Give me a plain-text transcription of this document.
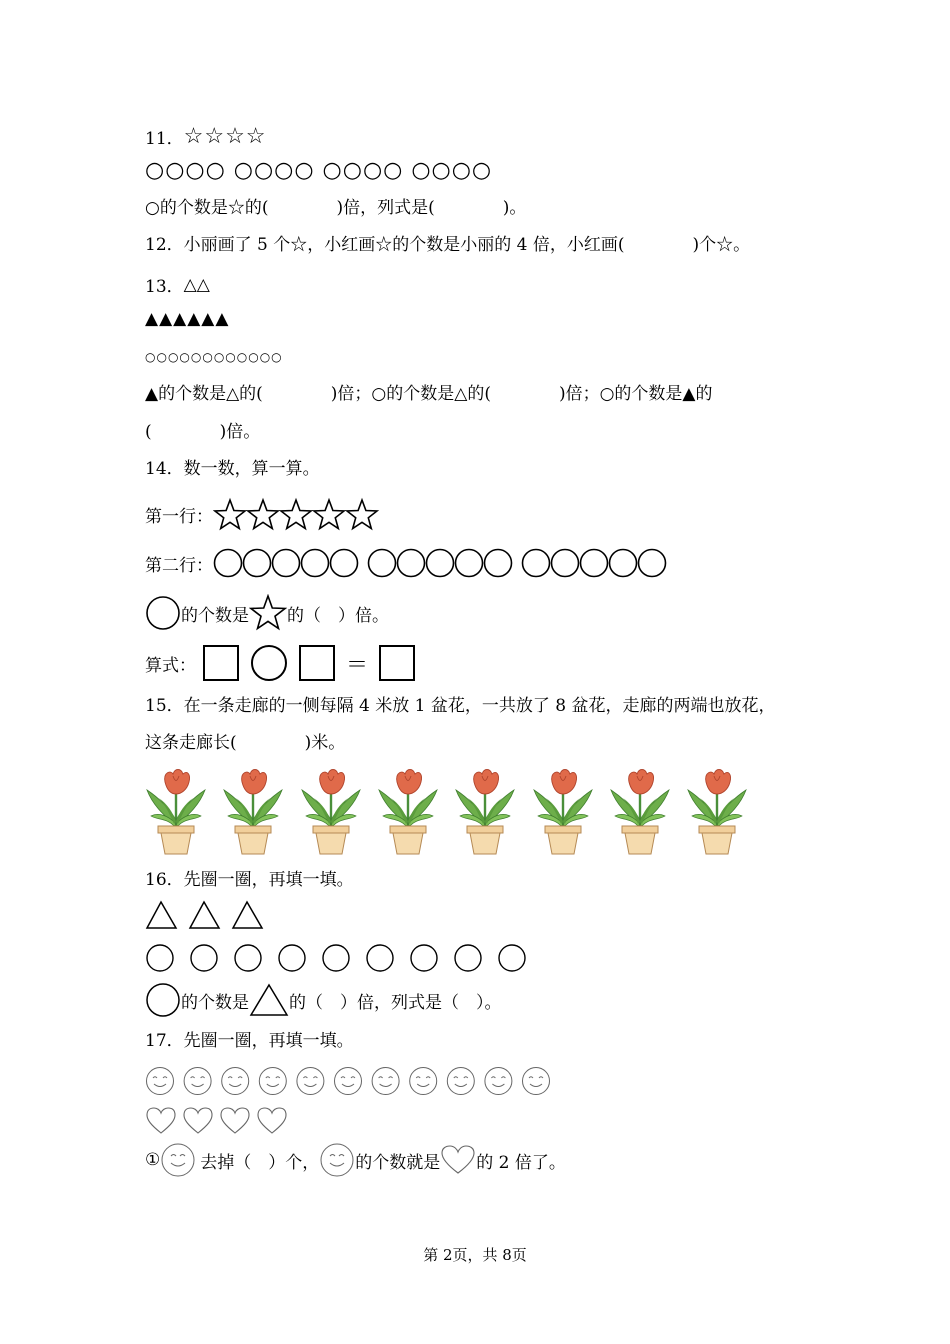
11． ☆☆☆☆
○○○○ ○○○○ ○○○○ ○○○○
○的个数是☆的(　　　　)倍，列式是(　　　　)。
12．小丽画了 5 个☆，小红画☆的个数是小丽的 4 倍，小红画(　　　　)个☆。
13． △△
▲▲▲▲▲▲
○○○○○○○○○○○○
▲的个数是△的(　　　　)倍；○的个数是△的(　　　　)倍；○的个数是▲的
(　　　　)倍。
14．数一数，算一算。
第一行：
第二行：
的个数是 的（　）倍。
算式：	＝
15．在一条走廊的一侧每隔 4 米放 1 盆花，一共放了 8 盆花，走廊的两端也放花，
这条走廊长(　　　　)米。
16．先圈一圈，再填一填。
的个数是 的（　）倍，列式是（　）。
17．先圈一圈，再填一填。
① 去掉（　）个， 的个数就是 的 2 倍了。
第 2页，共 8页
